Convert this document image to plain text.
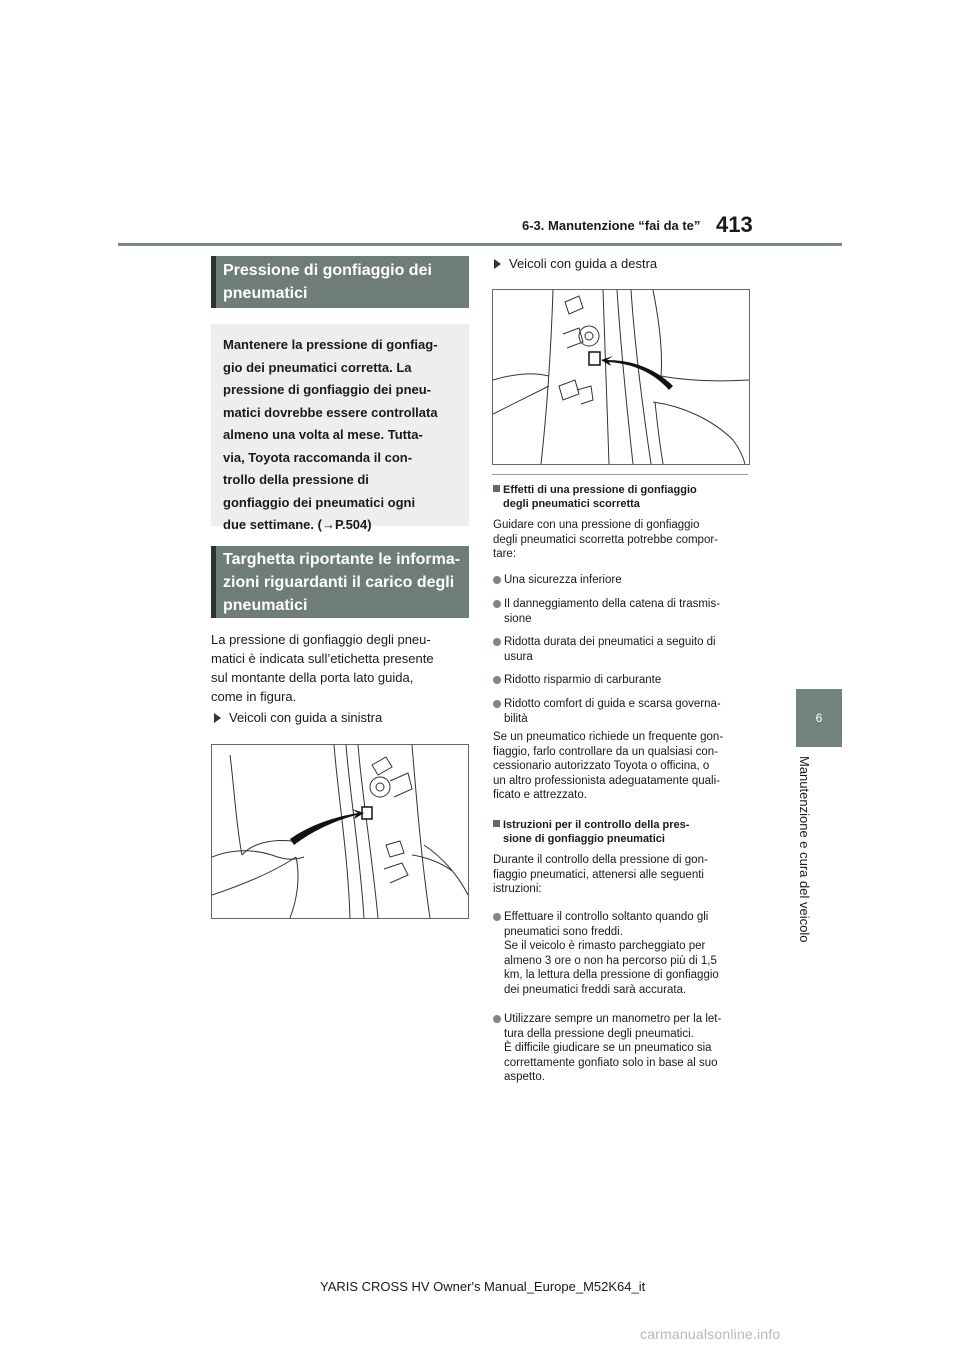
6-3. Manutenzione “fai da te” 413
6
Manutenzione e cura del veicolo
Pressione di gonfiaggio dei
pneumatici
Mantenere la pressione di gonfiag-
gio dei pneumatici corretta. La
pressione di gonfiaggio dei pneu-
matici dovrebbe essere controllata
almeno una volta al mese. Tutta-
via, Toyota raccomanda il con-
trollo della pressione di
gonfiaggio dei pneumatici ogni
due settimane. (→P.504)
Targhetta riportante le informa-
zioni riguardanti il carico degli
pneumatici
La pressione di gonfiaggio degli pneu-
matici è indicata sull’etichetta presente
sul montante della porta lato guida,
come in figura.
Veicoli con guida a sinistra
Veicoli con guida a destra
Effetti di una pressione di gonfiaggio
degli pneumatici scorretta
Guidare con una pressione di gonfiaggio
degli pneumatici scorretta potrebbe compor-
tare:
Una sicurezza inferiore
Il danneggiamento della catena di trasmis-
sione
Ridotta durata dei pneumatici a seguito di
usura
Ridotto risparmio di carburante
Ridotto comfort di guida e scarsa governa-
bilità
Se un pneumatico richiede un frequente gon-
fiaggio, farlo controllare da un qualsiasi con-
cessionario autorizzato Toyota o officina, o
un altro professionista adeguatamente quali-
ficato e attrezzato.
Istruzioni per il controllo della pres-
sione di gonfiaggio pneumatici
Durante il controllo della pressione di gon-
fiaggio pneumatici, attenersi alle seguenti
istruzioni:
Effettuare il controllo soltanto quando gli
pneumatici sono freddi.
Se il veicolo è rimasto parcheggiato per
almeno 3 ore o non ha percorso più di 1,5
km, la lettura della pressione di gonfiaggio
dei pneumatici freddi sarà accurata.
Utilizzare sempre un manometro per la let-
tura della pressione degli pneumatici.
È difficile giudicare se un pneumatico sia
correttamente gonfiato solo in base al suo
aspetto.
YARIS CROSS HV Owner's Manual_Europe_M52K64_it
carmanualsonline.info
